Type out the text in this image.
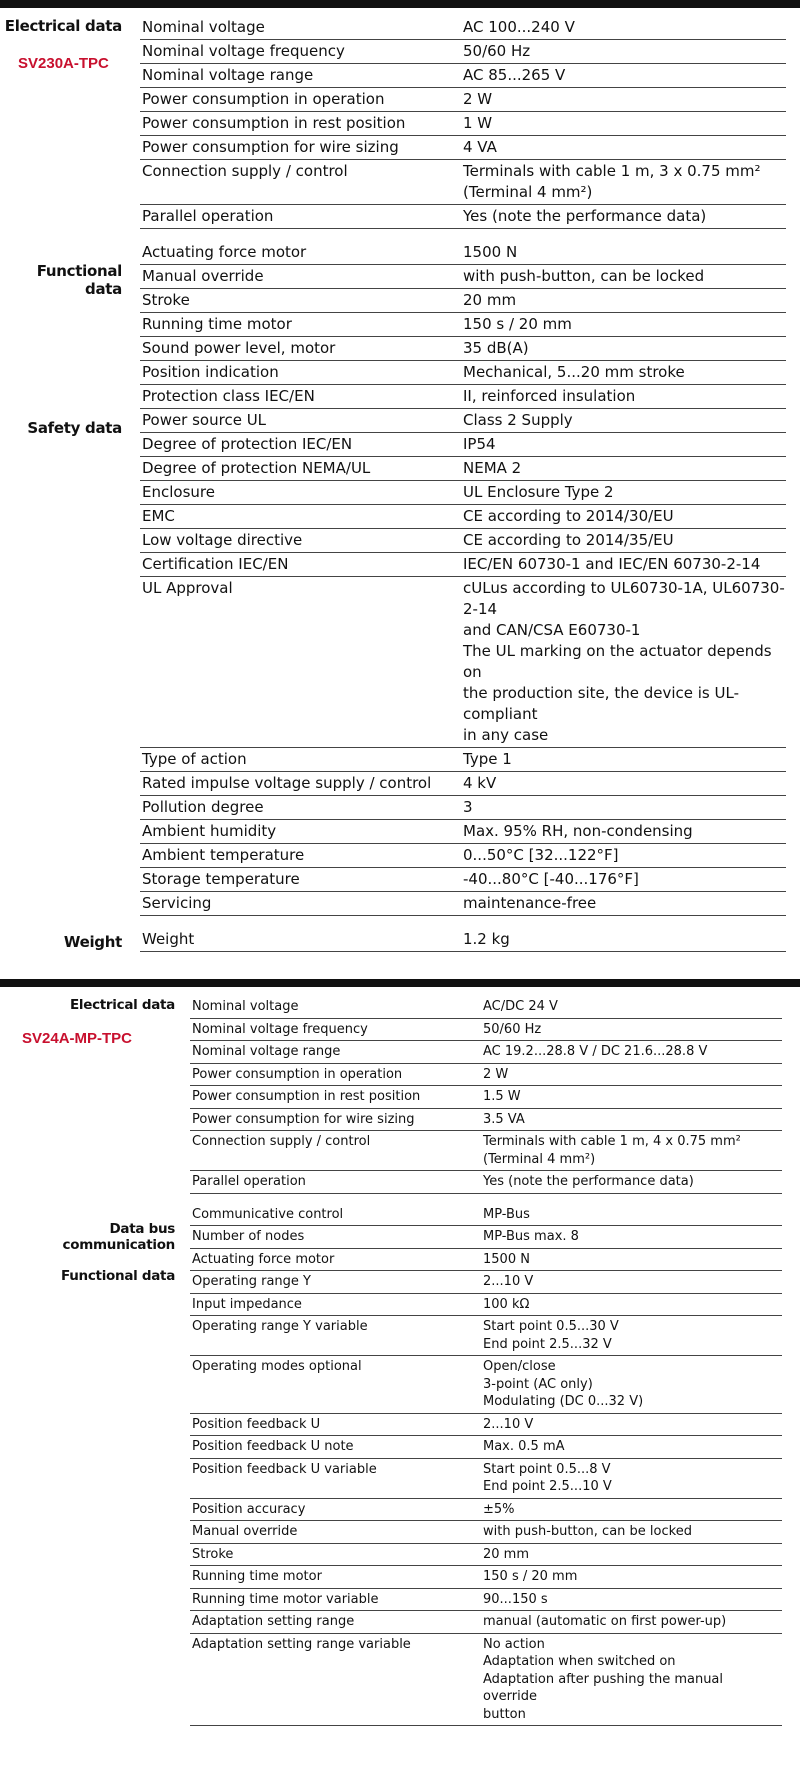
Electrical data
SV230A-TPC
Functional data
Safety data
Weight
Nominal voltage	AC 100...240 V
Nominal voltage frequency	50/60 Hz
Nominal voltage range	AC 85...265 V
Power consumption in operation	2 W
Power consumption in rest position	1 W
Power consumption for wire sizing	4 VA
Connection supply / control	Terminals with cable 1 m, 3 x 0.75 mm²
(Terminal 4 mm²)
Parallel operation	Yes (note the performance data)
Actuating force motor	1500 N
Manual override	with push-button, can be locked
Stroke	20 mm
Running time motor	150 s / 20 mm
Sound power level, motor	35 dB(A)
Position indication	Mechanical, 5...20 mm stroke
Protection class IEC/EN	II, reinforced insulation
Power source UL	Class 2 Supply
Degree of protection IEC/EN	IP54
Degree of protection NEMA/UL	NEMA 2
Enclosure	UL Enclosure Type 2
EMC	CE according to 2014/30/EU
Low voltage directive	CE according to 2014/35/EU
Certification IEC/EN	IEC/EN 60730-1 and IEC/EN 60730-2-14
UL Approval	cULus according to UL60730-1A, UL60730-2-14
and CAN/CSA E60730-1
The UL marking on the actuator depends on
the production site, the device is UL-compliant
in any case
Type of action	Type 1
Rated impulse voltage supply / control	4 kV
Pollution degree	3
Ambient humidity	Max. 95% RH, non-condensing
Ambient temperature	0...50°C [32...122°F]
Storage temperature	-40...80°C [-40...176°F]
Servicing	maintenance-free
Weight	1.2 kg
Electrical data
SV24A-MP-TPC
Data bus communication
Functional data
Nominal voltage	AC/DC 24 V
Nominal voltage frequency	50/60 Hz
Nominal voltage range	AC 19.2...28.8 V / DC 21.6...28.8 V
Power consumption in operation	2 W
Power consumption in rest position	1.5 W
Power consumption for wire sizing	3.5 VA
Connection supply / control	Terminals with cable 1 m, 4 x 0.75 mm²
(Terminal 4 mm²)
Parallel operation	Yes (note the performance data)
Communicative control	MP-Bus
Number of nodes	MP-Bus max. 8
Actuating force motor	1500 N
Operating range Y	2...10 V
Input impedance	100 kΩ
Operating range Y variable	Start point 0.5...30 V
End point 2.5...32 V
Operating modes optional	Open/close
3-point (AC only)
Modulating (DC 0...32 V)
Position feedback U	2...10 V
Position feedback U note	Max. 0.5 mA
Position feedback U variable	Start point 0.5...8 V
End point 2.5...10 V
Position accuracy	±5%
Manual override	with push-button, can be locked
Stroke	20 mm
Running time motor	150 s / 20 mm
Running time motor variable	90...150 s
Adaptation setting range	manual (automatic on first power-up)
Adaptation setting range variable	No action
Adaptation when switched on
Adaptation after pushing the manual override
button
